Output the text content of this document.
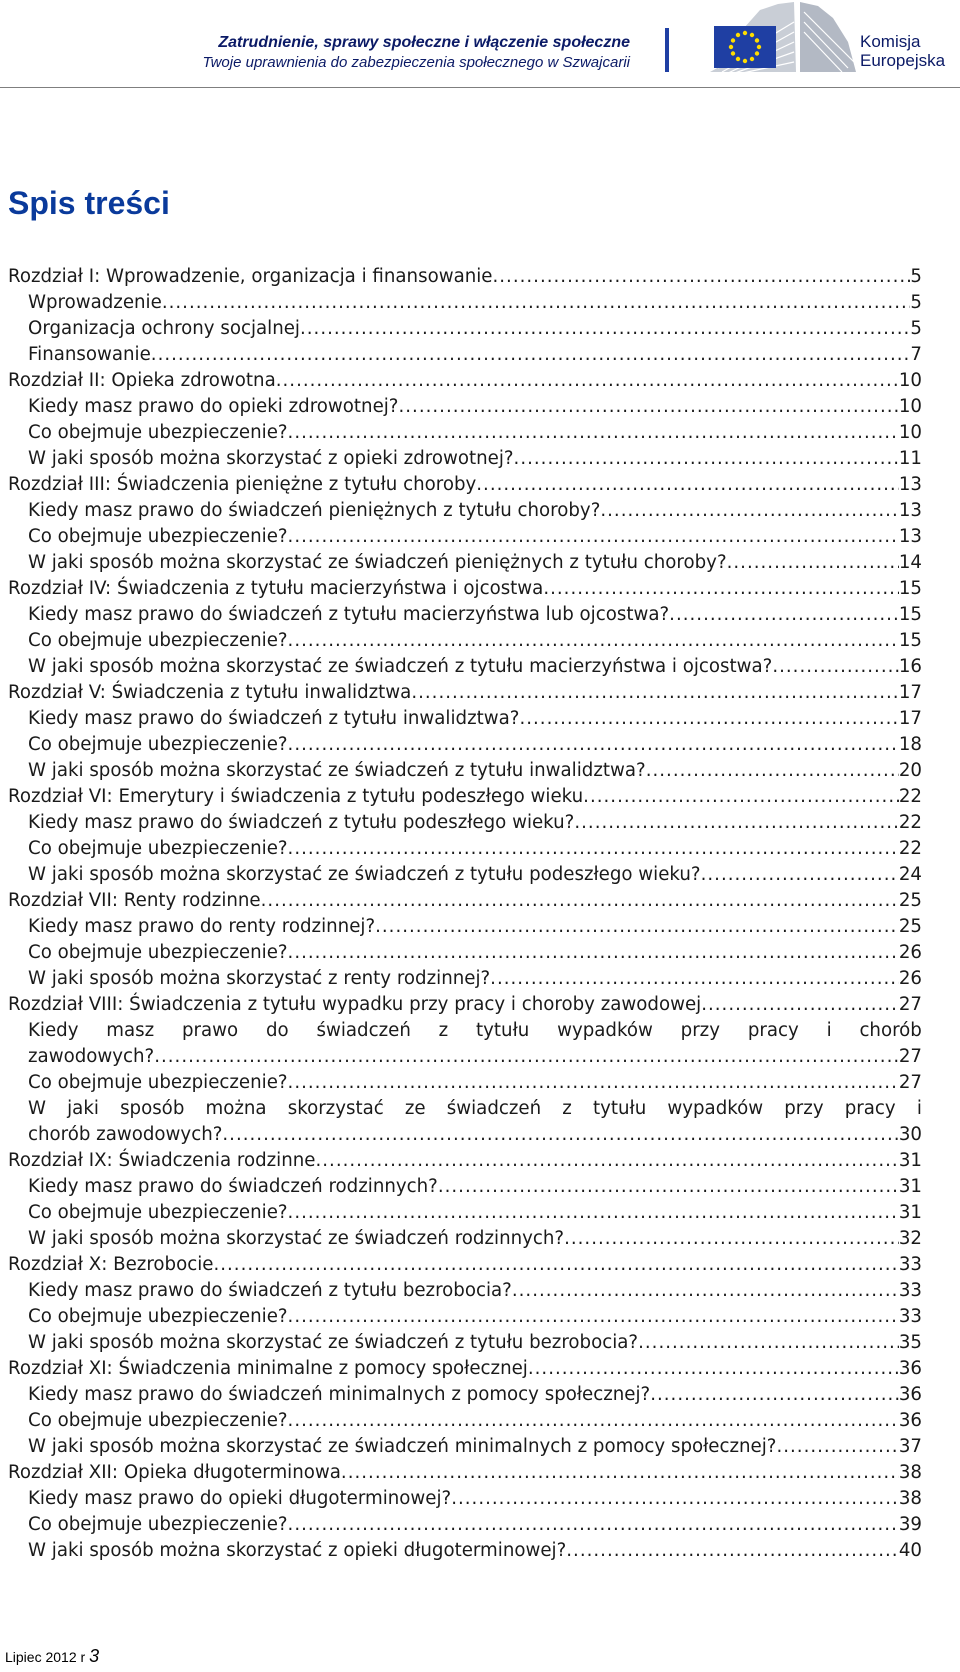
Zatrudnienie, sprawy społeczne i włączenie społeczne
Twoje uprawnienia do zabezpieczenia społecznego w Szwajcarii
Komisja
Europejska
Spis treści
Rozdział I: Wprowadzenie, organizacja i finansowanie .....	5
Wprowadzenie .....	5
Organizacja ochrony socjalnej .....	5
Finansowanie .....	7
Rozdział II: Opieka zdrowotna .....	10
Kiedy masz prawo do opieki zdrowotnej? .....	10
Co obejmuje ubezpieczenie? .....	10
W jaki sposób można skorzystać z opieki zdrowotnej? .....	11
Rozdział III: Świadczenia pieniężne z tytułu choroby .....	13
Kiedy masz prawo do świadczeń pieniężnych z tytułu choroby? .....	13
Co obejmuje ubezpieczenie? .....	13
W jaki sposób można skorzystać ze świadczeń pieniężnych z tytułu choroby? .....	14
Rozdział IV: Świadczenia z tytułu macierzyństwa i ojcostwa .....	15
Kiedy masz prawo do świadczeń z tytułu macierzyństwa lub ojcostwa? .....	15
Co obejmuje ubezpieczenie? .....	15
W jaki sposób można skorzystać ze świadczeń z tytułu macierzyństwa i ojcostwa? .....	16
Rozdział V: Świadczenia z tytułu inwalidztwa .....	17
Kiedy masz prawo do świadczeń z tytułu inwalidztwa? .....	17
Co obejmuje ubezpieczenie? .....	18
W jaki sposób można skorzystać ze świadczeń z tytułu inwalidztwa? .....	20
Rozdział VI: Emerytury i świadczenia z tytułu podeszłego wieku .....	22
Kiedy masz prawo do świadczeń z tytułu podeszłego wieku? .....	22
Co obejmuje ubezpieczenie? .....	22
W jaki sposób można skorzystać ze świadczeń z tytułu podeszłego wieku? .....	24
Rozdział VII: Renty rodzinne .....	25
Kiedy masz prawo do renty rodzinnej? .....	25
Co obejmuje ubezpieczenie? .....	26
W jaki sposób można skorzystać z renty rodzinnej? .....	26
Rozdział VIII: Świadczenia z tytułu wypadku przy pracy i choroby zawodowej .....	27
Kiedy masz prawo do świadczeń z tytułu wypadków przy pracy i chorób
zawodowych? .....	27
Co obejmuje ubezpieczenie? .....	27
W jaki sposób można skorzystać ze świadczeń z tytułu wypadków przy pracy i
chorób zawodowych? .....	30
Rozdział IX: Świadczenia rodzinne .....	31
Kiedy masz prawo do świadczeń rodzinnych? .....	31
Co obejmuje ubezpieczenie? .....	31
W jaki sposób można skorzystać ze świadczeń rodzinnych? .....	32
Rozdział X: Bezrobocie .....	33
Kiedy masz prawo do świadczeń z tytułu bezrobocia? .....	33
Co obejmuje ubezpieczenie? .....	33
W jaki sposób można skorzystać ze świadczeń z tytułu bezrobocia? .....	35
Rozdział XI: Świadczenia minimalne z pomocy społecznej .....	36
Kiedy masz prawo do świadczeń minimalnych z pomocy społecznej? .....	36
Co obejmuje ubezpieczenie? .....	36
W jaki sposób można skorzystać ze świadczeń minimalnych z pomocy społecznej? .....	37
Rozdział XII: Opieka długoterminowa .....	38
Kiedy masz prawo do opieki długoterminowej? .....	38
Co obejmuje ubezpieczenie? .....	39
W jaki sposób można skorzystać z opieki długoterminowej? .....	40
Lipiec 2012 r 3
